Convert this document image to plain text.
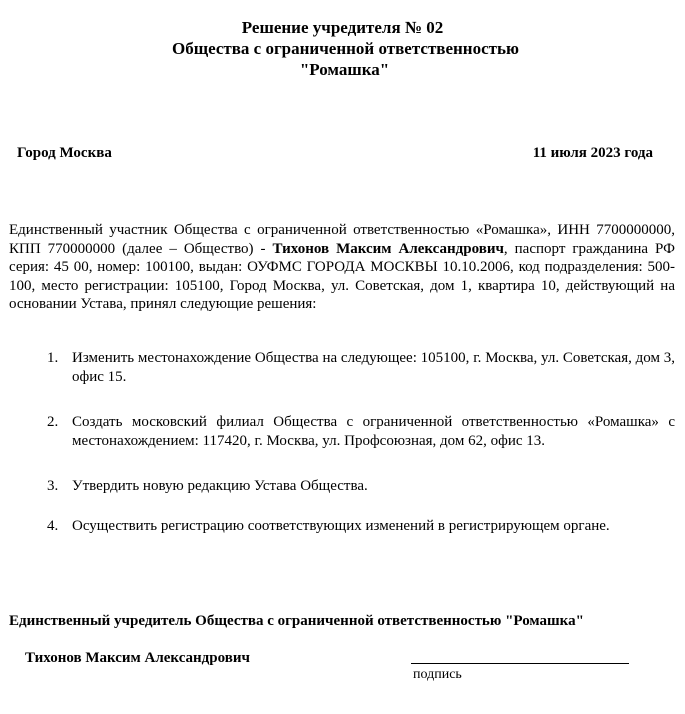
Решение учредителя № 02
Общества с ограниченной ответственностью
"Ромашка"
Город Москва	11 июля 2023 года
Единственный участник Общества с ограниченной ответственностью «Ромашка», ИНН 7700000000, КПП 770000000 (далее – Общество) - Тихонов Максим Александрович, паспорт гражданина РФ серия: 45 00, номер: 100100, выдан: ОУФМС ГОРОДА МОСКВЫ 10.10.2006, код подразделения: 500-100, место регистрации: 105100, Город Москва, ул. Советская, дом 1, квартира 10, действующий на основании Устава, принял следующие решения:
1. Изменить местонахождение Общества на следующее: 105100, г. Москва, ул. Советская, дом 3, офис 15.
2. Создать московский филиал Общества с ограниченной ответственностью «Ромашка» с местонахождением: 117420, г. Москва, ул. Профсоюзная, дом 62, офис 13.
3. Утвердить новую редакцию Устава Общества.
4. Осуществить регистрацию соответствующих изменений в регистрирующем органе.
Единственный учредитель Общества с ограниченной ответственностью "Ромашка"
Тихонов Максим Александрович
подпись
